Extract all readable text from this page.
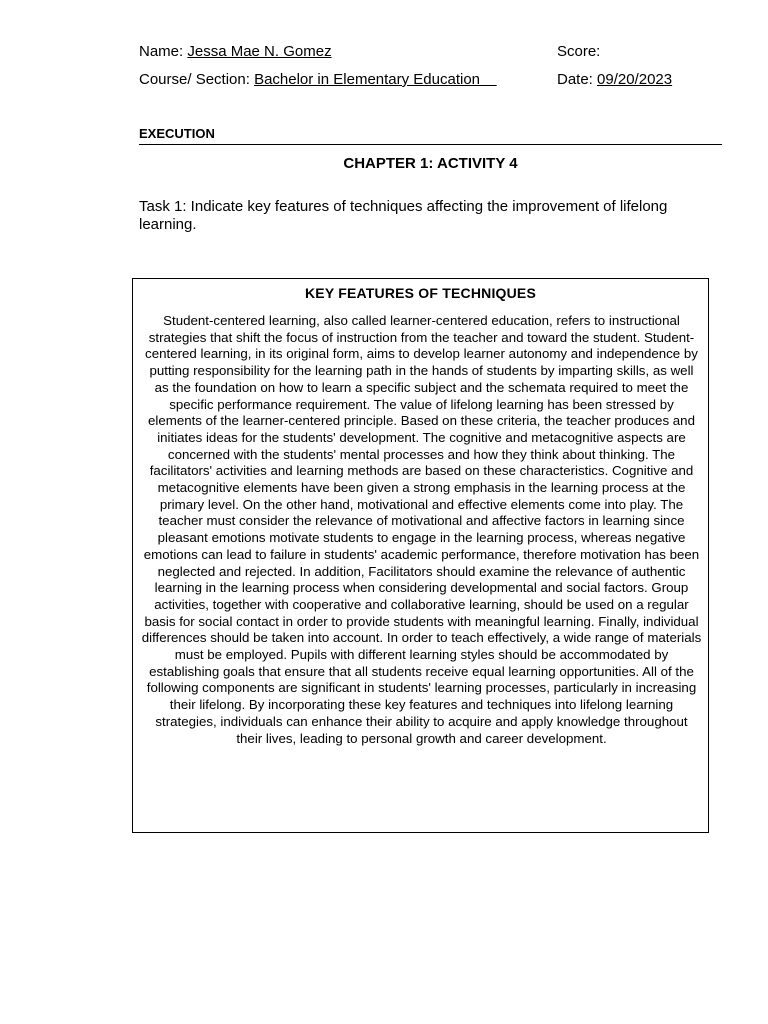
Name: Jessa Mae N. Gomez	Score:
Course/ Section: Bachelor in Elementary Education	Date: 09/20/2023
EXECUTION
CHAPTER 1: ACTIVITY 4
Task 1: Indicate key features of techniques affecting the improvement of lifelong learning.
KEY FEATURES OF TECHNIQUES
Student-centered learning, also called learner-centered education, refers to instructional strategies that shift the focus of instruction from the teacher and toward the student. Student-centered learning, in its original form, aims to develop learner autonomy and independence by putting responsibility for the learning path in the hands of students by imparting skills, as well as the foundation on how to learn a specific subject and the schemata required to meet the specific performance requirement. The value of lifelong learning has been stressed by elements of the learner-centered principle. Based on these criteria, the teacher produces and initiates ideas for the students' development. The cognitive and metacognitive aspects are concerned with the students' mental processes and how they think about thinking. The facilitators' activities and learning methods are based on these characteristics. Cognitive and metacognitive elements have been given a strong emphasis in the learning process at the primary level. On the other hand, motivational and effective elements come into play. The teacher must consider the relevance of motivational and affective factors in learning since pleasant emotions motivate students to engage in the learning process, whereas negative emotions can lead to failure in students' academic performance, therefore motivation has been neglected and rejected. In addition, Facilitators should examine the relevance of authentic learning in the learning process when considering developmental and social factors. Group activities, together with cooperative and collaborative learning, should be used on a regular basis for social contact in order to provide students with meaningful learning. Finally, individual differences should be taken into account. In order to teach effectively, a wide range of materials must be employed. Pupils with different learning styles should be accommodated by establishing goals that ensure that all students receive equal learning opportunities. All of the following components are significant in students' learning processes, particularly in increasing their lifelong. By incorporating these key features and techniques into lifelong learning strategies, individuals can enhance their ability to acquire and apply knowledge throughout their lives, leading to personal growth and career development.
